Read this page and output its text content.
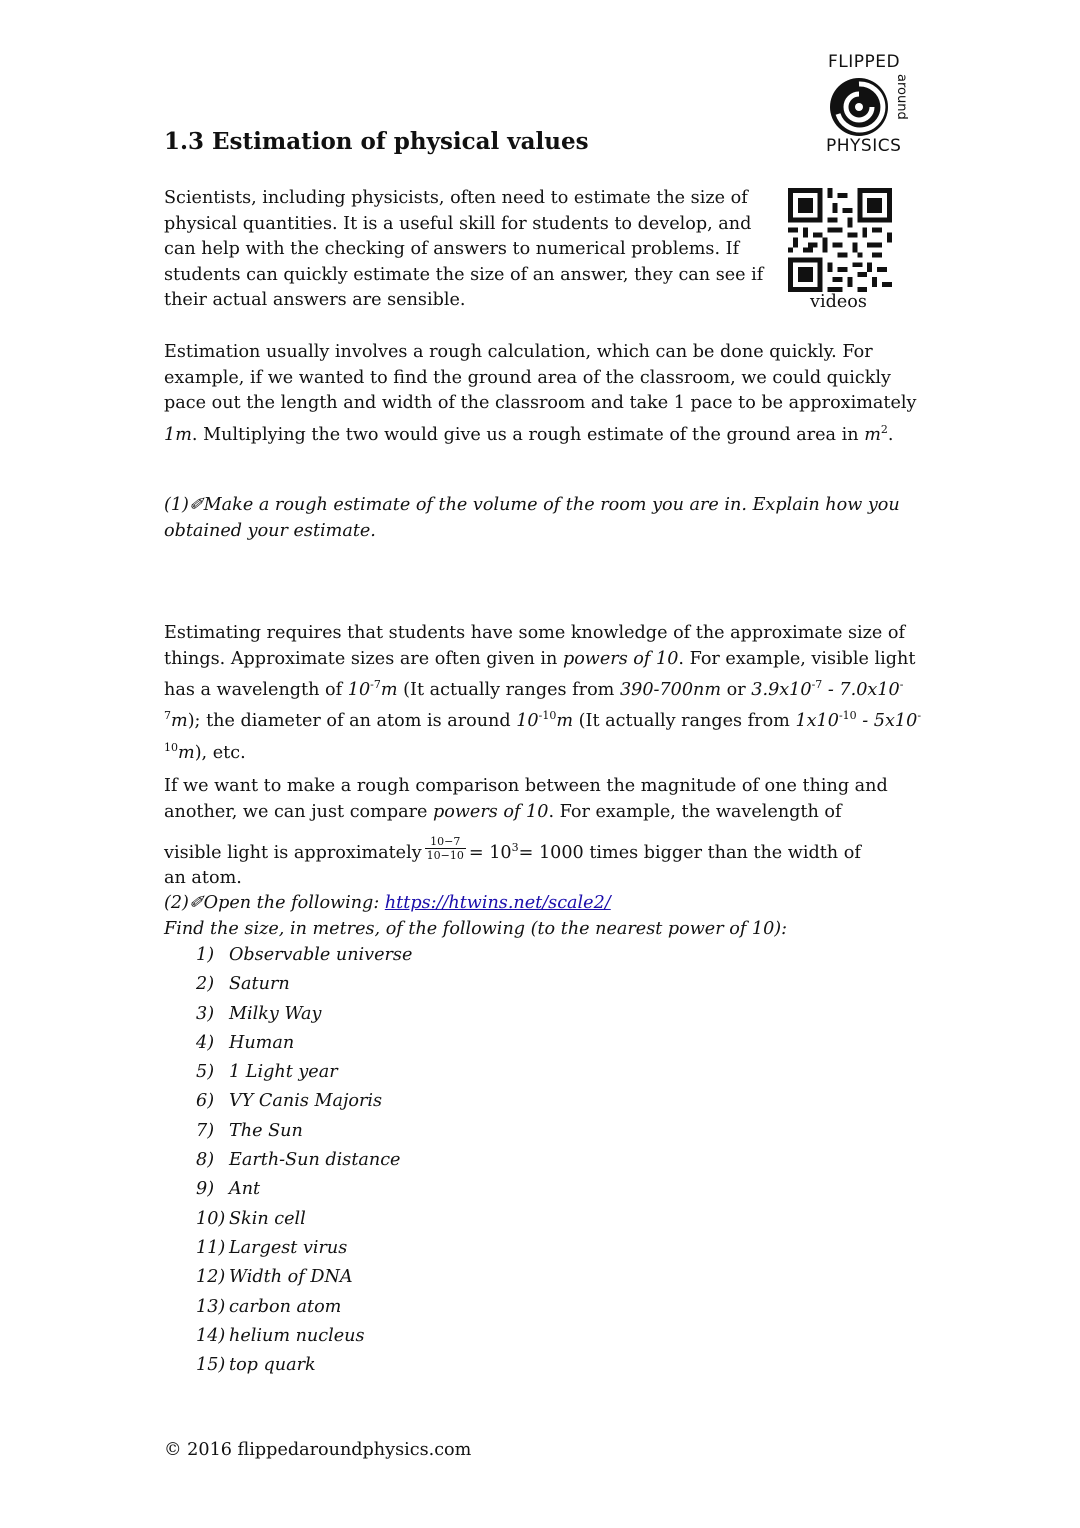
FLIPPED
around
PHYSICS
1.3 Estimation of physical values

Scientists, including physicists, often need to estimate the size of physical quantities. It is a useful skill for students to develop, and can help with the checking of answers to numerical problems. If students can quickly estimate the size of an answer, they can see if their actual answers are sensible.	videos

Estimation usually involves a rough calculation, which can be done quickly. For example, if we wanted to find the ground area of the classroom, we could quickly pace out the length and width of the classroom and take 1 pace to be approximately 1m. Multiplying the two would give us a rough estimate of the ground area in $m^2$.

(1)✐Make a rough estimate of the volume of the room you are in. Explain how you obtained your estimate.

Estimating requires that students have some knowledge of the approximate size of things. Approximate sizes are often given in powers of 10. For example, visible light has a wavelength of $10^{-7}m$ (It actually ranges from 390-700nm or $3.9x10^{-7} - 7.0x10^{-7}m$); the diameter of an atom is around $10^{-10}m$ (It actually ranges from $1x10^{-10} - 5x10^{-10}m$), etc.

If we want to make a rough comparison between the magnitude of one thing and another, we can just compare powers of 10. For example, the wavelength of

visible light is approximately $\frac{10-7}{10-10} = 10^3= 1000$ times bigger than the width of

an atom.

(2)✐Open the following: https://htwins.net/scale2/

Find the size, in metres, of the following (to the nearest power of 10):

1) Observable universe
2) Saturn
3) Milky Way
4) Human
5) 1 Light year
6) VY Canis Majoris
7) The Sun
8) Earth-Sun distance
9) Ant
10) Skin cell
11) Largest virus
12) Width of DNA
13) carbon atom
14) helium nucleus
15) top quark
© 2016 flippedaroundphysics.com
